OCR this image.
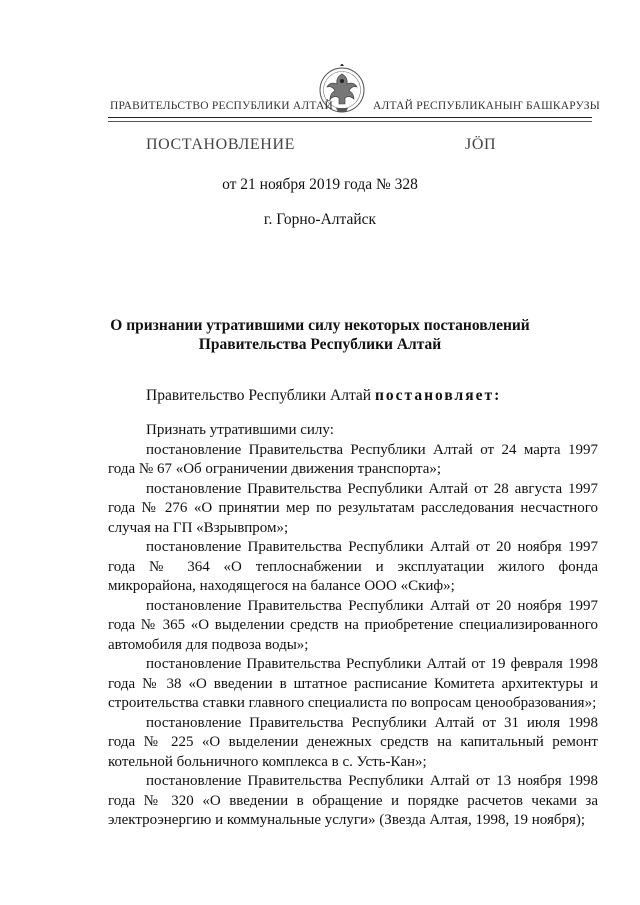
ПРАВИТЕЛЬСТВО РЕСПУБЛИКИ АЛТАЙ	АЛТАЙ РЕСПУБЛИКАНЫҤ БАШКАРУЗЫ
ПОСТАНОВЛЕНИЕ	ЈӦП
от 21 ноября 2019 года № 328
г. Горно-Алтайск
О признании утратившими силу некоторых постановлений
Правительства Республики Алтай
Правительство Республики Алтай постановляет:

Признать утратившими силу:

постановление Правительства Республики Алтай от 24 марта 1997 года № 67 «Об ограничении движения транспорта»;

постановление Правительства Республики Алтай от 28 августа 1997 года № 276 «О принятии мер по результатам расследования несчастного случая на ГП «Взрывпром»;

постановление Правительства Республики Алтай от 20 ноября 1997 года № 364 «О теплоснабжении и эксплуатации жилого фонда микрорайона, находящегося на балансе ООО «Скиф»;

постановление Правительства Республики Алтай от 20 ноября 1997 года № 365 «О выделении средств на приобретение специализированного автомобиля для подвоза воды»;

постановление Правительства Республики Алтай от 19 февраля 1998 года № 38 «О введении в штатное расписание Комитета архитектуры и строительства ставки главного специалиста по вопросам ценообразования»;

постановление Правительства Республики Алтай от 31 июля 1998 года № 225 «О выделении денежных средств на капитальный ремонт котельной больничного комплекса в с. Усть-Кан»;

постановление Правительства Республики Алтай от 13 ноября 1998 года № 320 «О введении в обращение и порядке расчетов чеками за электроэнергию и коммунальные услуги» (Звезда Алтая, 1998, 19 ноября);
